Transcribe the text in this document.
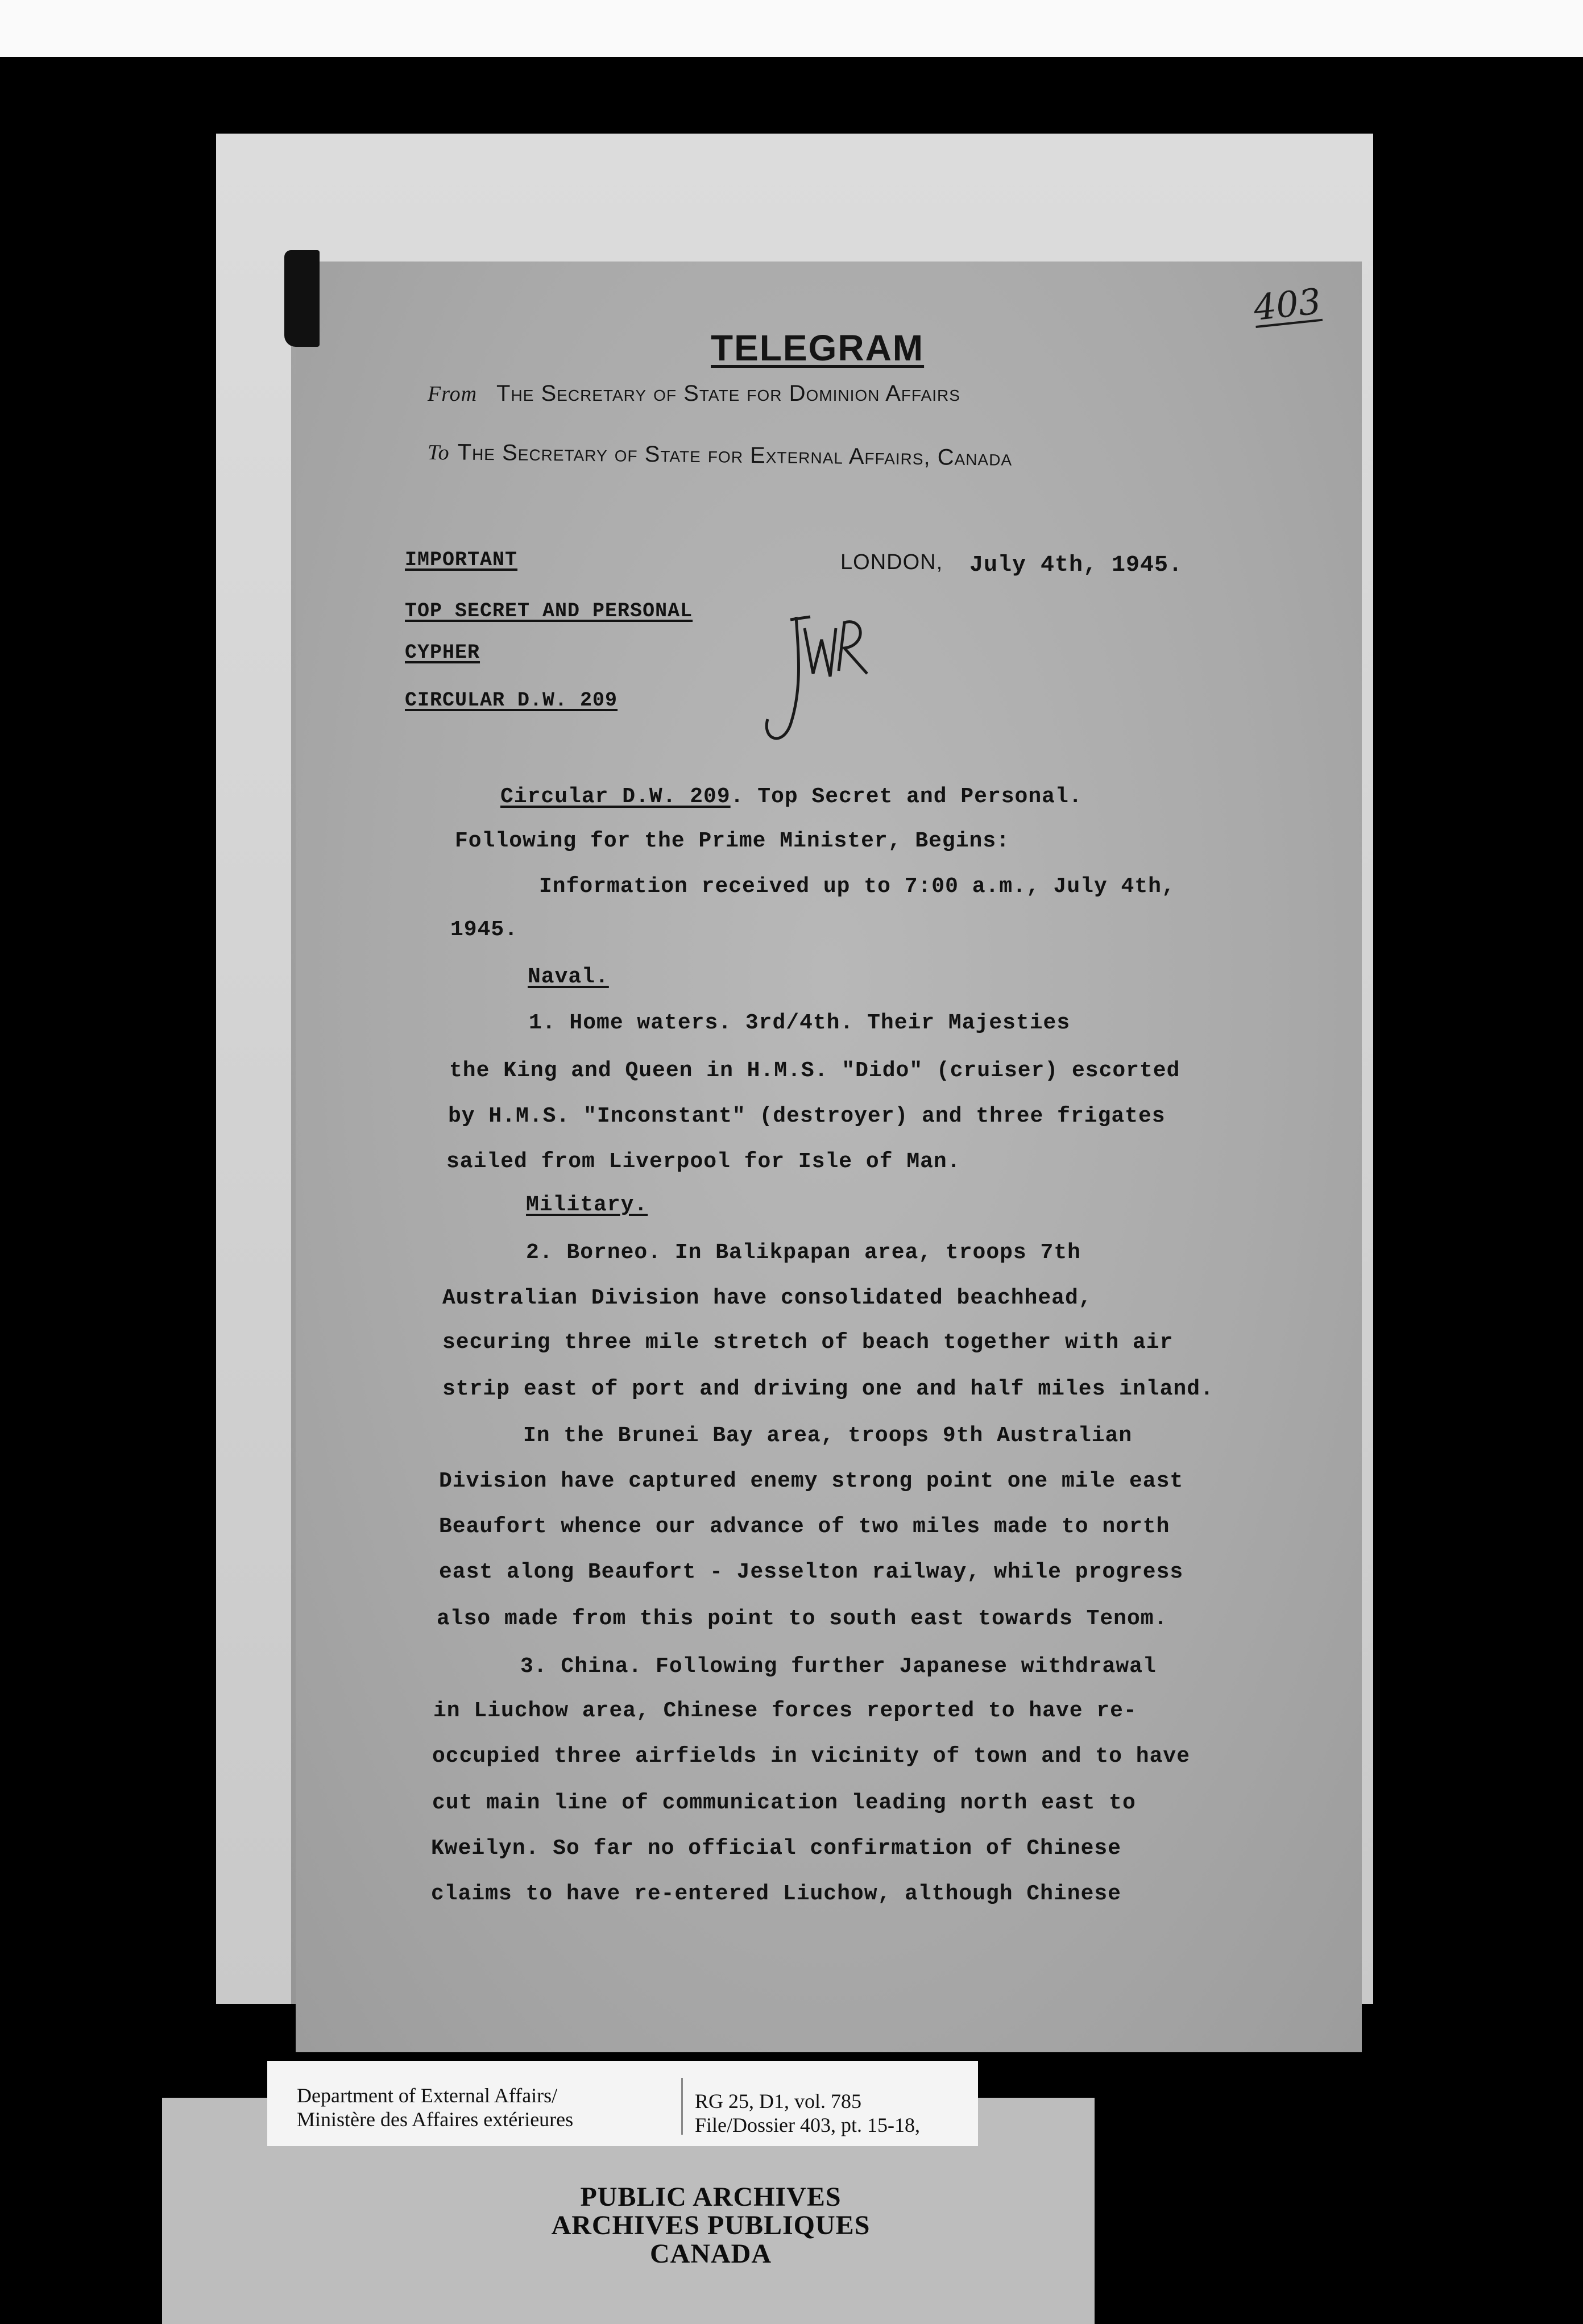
403
TELEGRAM
From The Secretary of State for Dominion Affairs
To The Secretary of State for External Affairs, Canada
IMPORTANT
TOP SECRET AND PERSONAL
CYPHER
CIRCULAR D.W. 209
LONDON, July 4th, 1945.
Circular D.W. 209. Top Secret and Personal.
Following for the Prime Minister, Begins:
Information received up to 7:00 a.m., July 4th,
1945.
Naval.
1. Home waters. 3rd/4th. Their Majesties
the King and Queen in H.M.S. "Dido" (cruiser) escorted
by H.M.S. "Inconstant" (destroyer) and three frigates
sailed from Liverpool for Isle of Man.
Military.
2. Borneo. In Balikpapan area, troops 7th
Australian Division have consolidated beachhead,
securing three mile stretch of beach together with air
strip east of port and driving one and half miles inland.
In the Brunei Bay area, troops 9th Australian
Division have captured enemy strong point one mile east
Beaufort whence our advance of two miles made to north
east along Beaufort - Jesselton railway, while progress
also made from this point to south east towards Tenom.
3. China. Following further Japanese withdrawal
in Liuchow area, Chinese forces reported to have re-
occupied three airfields in vicinity of town and to have
cut main line of communication leading north east to
Kweilyn. So far no official confirmation of Chinese
claims to have re-entered Liuchow, although Chinese
Department of External Affairs/
Ministère des Affaires extérieures
RG 25, D1, vol. 785
File/Dossier 403, pt. 15-18,
PUBLIC ARCHIVES
ARCHIVES PUBLIQUES
CANADA
